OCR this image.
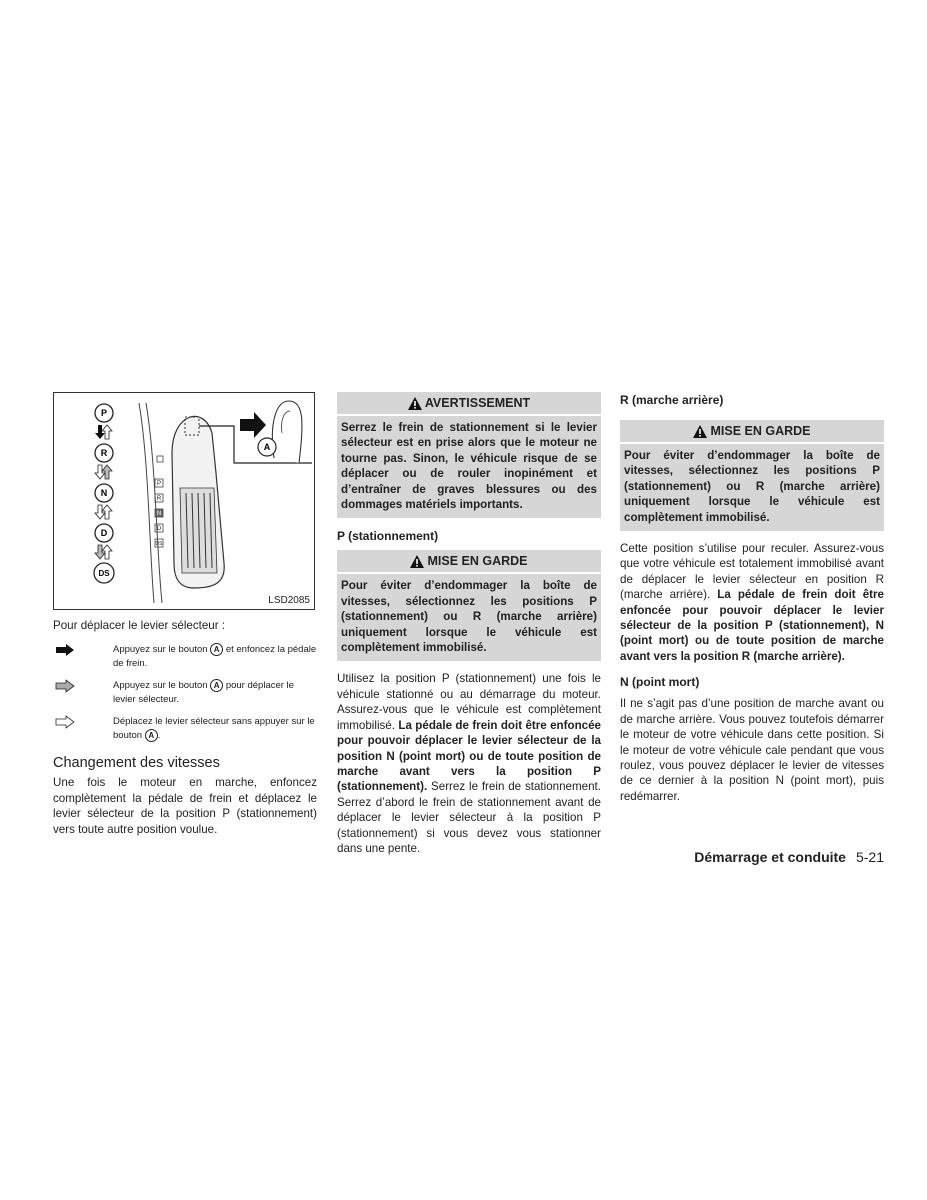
P
R
N
D
DS
P
R
N
D
DS
A
LSD2085

Pour déplacer le levier sélecteur :

Appuyez sur le bouton A et enfoncez la pédale de frein.
Appuyez sur le bouton A pour déplacer le levier sélecteur.
Déplacez le levier sélecteur sans appuyer sur le bouton A .
Changement des vitesses

Une fois le moteur en marche, enfoncez complètement la pédale de frein et déplacez le levier sélecteur de la position P (stationnement) vers toute autre position voulue.

AVERTISSEMENT
Serrez le frein de stationnement si le levier sélecteur est en prise alors que le moteur ne tourne pas. Sinon, le véhicule risque de se déplacer ou de rouler inopinément et d’entraîner de graves blessures ou des dommages matériels importants.
P (stationnement)
MISE EN GARDE
Pour éviter d’endommager la boîte de vitesses, sélectionnez les positions P (stationnement) ou R (marche arrière) uniquement lorsque le véhicule est complètement immobilisé.

Utilisez la position P (stationnement) une fois le véhicule stationné ou au démarrage du moteur. Assurez-vous que le véhicule est complètement immobilisé. La pédale de frein doit être enfoncée pour pouvoir déplacer le levier sélecteur de la position N (point mort) ou de toute position de marche avant vers la position P (stationnement). Serrez le frein de stationnement. Serrez d’abord le frein de stationnement avant de déplacer le levier sélecteur à la position P (stationnement) si vous devez vous stationner dans une pente.

R (marche arrière)
MISE EN GARDE
Pour éviter d’endommager la boîte de vitesses, sélectionnez les positions P (stationnement) ou R (marche arrière) uniquement lorsque le véhicule est complètement immobilisé.

Cette position s’utilise pour reculer. Assurez-vous que votre véhicule est totalement immobilisé avant de déplacer le levier sélecteur en position R (marche arrière). La pédale de frein doit être enfoncée pour pouvoir déplacer le levier sélecteur de la position P (stationnement), N (point mort) ou de toute position de marche avant vers la position R (marche arrière).

N (point mort)

Il ne s’agit pas d’une position de marche avant ou de marche arrière. Vous pouvez toutefois démarrer le moteur de votre véhicule dans cette position. Si le moteur de votre véhicule cale pendant que vous roulez, vous pouvez déplacer le levier de vitesses de ce dernier à la position N (point mort), puis redémarrer.

Démarrage et conduite 5-21
